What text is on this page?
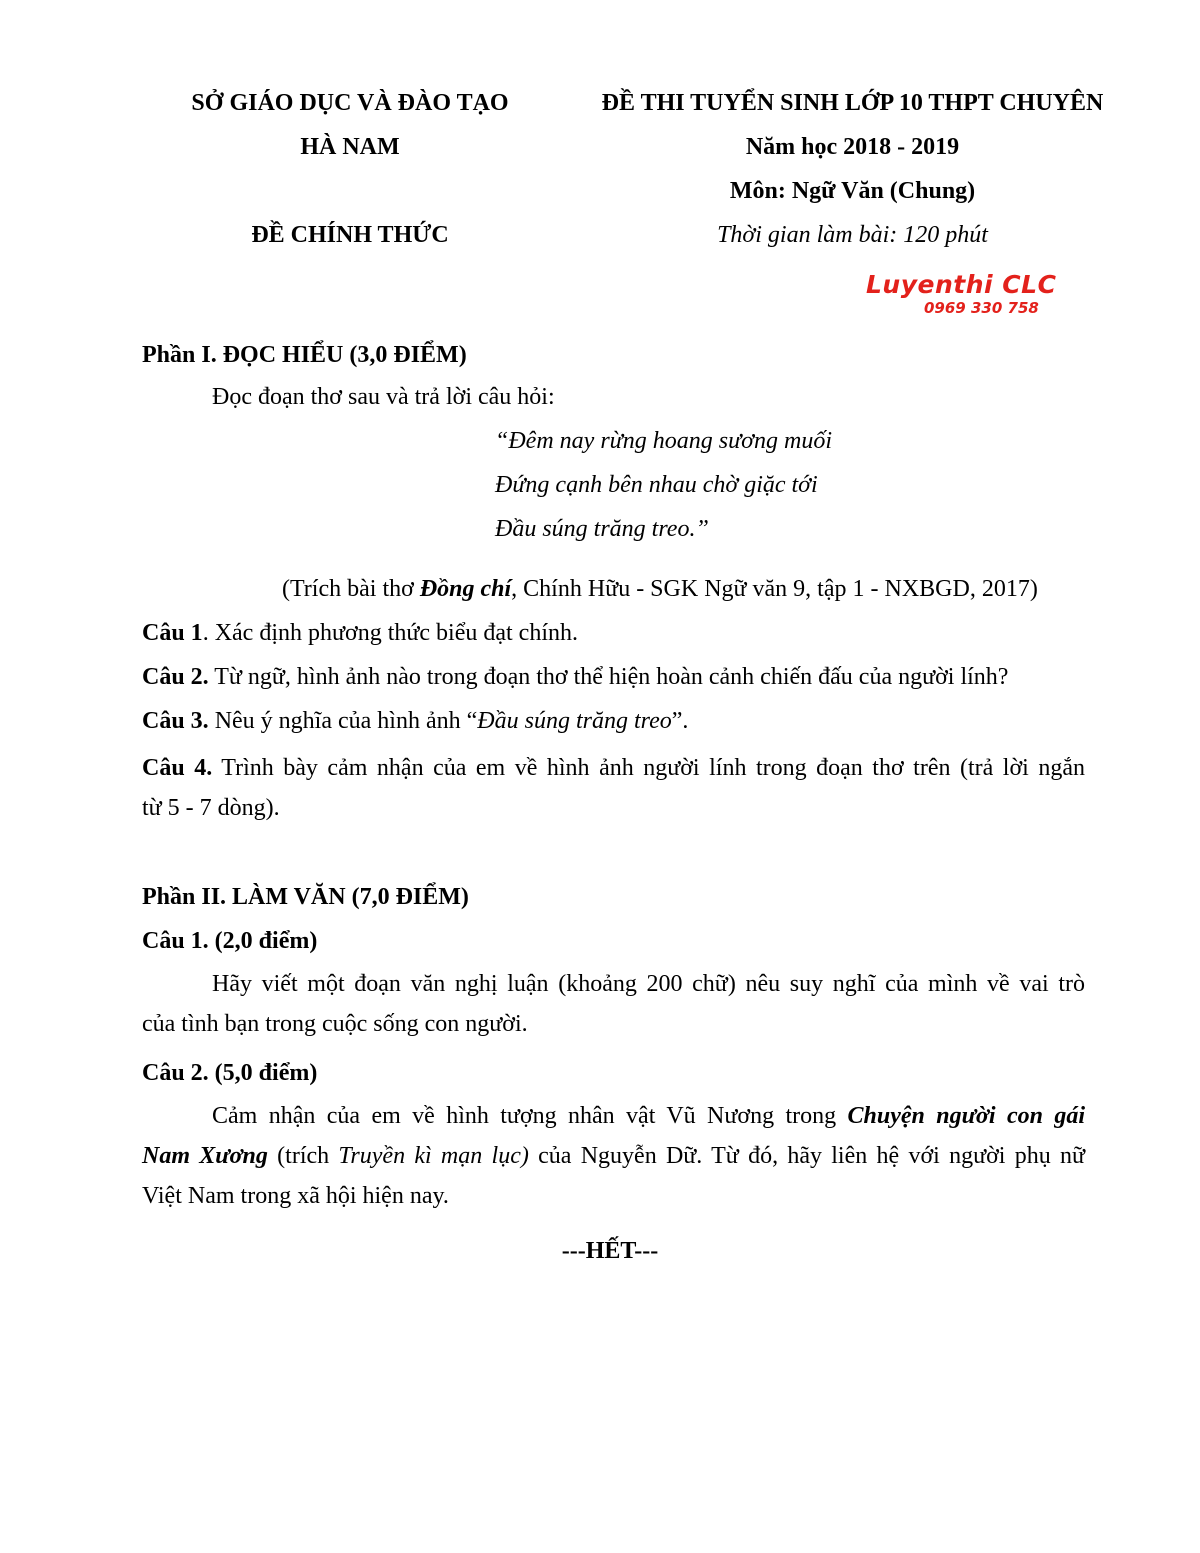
SỞ GIÁO DỤC VÀ ĐÀO TẠO
HÀ NAM
ĐỀ CHÍNH THỨC
ĐỀ THI TUYỂN SINH LỚP 10 THPT CHUYÊN
Năm học 2018 - 2019
Môn: Ngữ Văn (Chung)
Thời gian làm bài: 120 phút
Luyenthi CLC
0969 330 758
Phần I. ĐỌC HIỂU (3,0 ĐIỂM)
Đọc đoạn thơ sau và trả lời câu hỏi:
“Đêm nay rừng hoang sương muối
Đứng cạnh bên nhau chờ giặc tới
Đầu súng trăng treo.”
(Trích bài thơ Đồng chí, Chính Hữu - SGK Ngữ văn 9, tập 1 - NXBGD, 2017)
Câu 1. Xác định phương thức biểu đạt chính.
Câu 2. Từ ngữ, hình ảnh nào trong đoạn thơ thể hiện hoàn cảnh chiến đấu của người lính?
Câu 3. Nêu ý nghĩa của hình ảnh “Đầu súng trăng treo”.
Câu 4. Trình bày cảm nhận của em về hình ảnh người lính trong đoạn thơ trên (trả lời ngắn
từ 5 - 7 dòng).
Phần II. LÀM VĂN (7,0 ĐIỂM)
Câu 1. (2,0 điểm)
Hãy viết một đoạn văn nghị luận (khoảng 200 chữ) nêu suy nghĩ của mình về vai trò
của tình bạn trong cuộc sống con người.
Câu 2. (5,0 điểm)
Cảm nhận của em về hình tượng nhân vật Vũ Nương trong Chuyện người con gái
Nam Xương (trích Truyền kì mạn lục) của Nguyễn Dữ. Từ đó, hãy liên hệ với người phụ nữ
Việt Nam trong xã hội hiện nay.
---HẾT---
